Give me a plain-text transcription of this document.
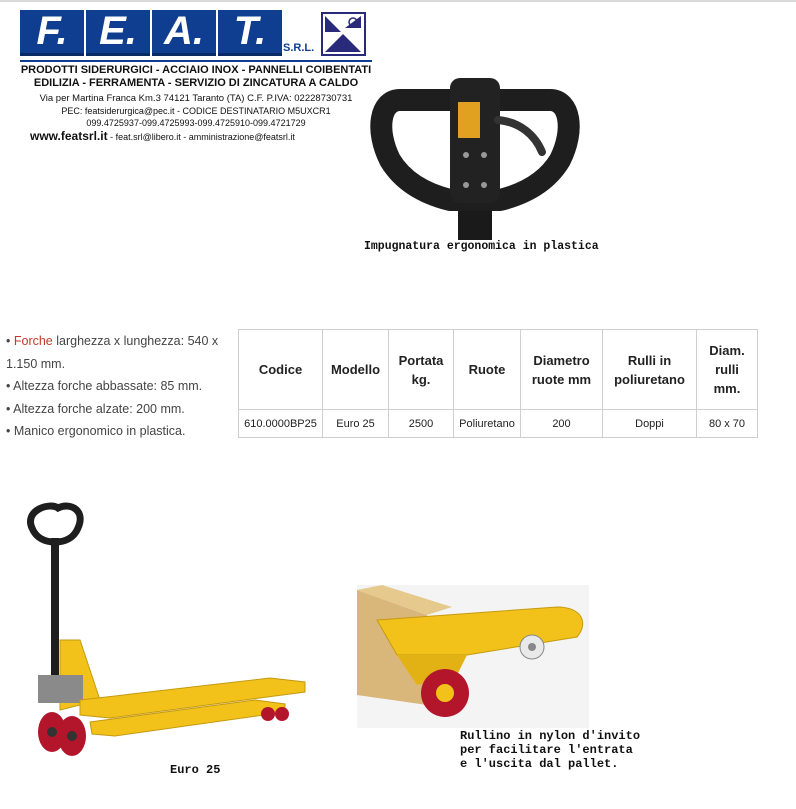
F. E. A. T.	S.R.L.
PRODOTTI SIDERURGICI - ACCIAIO INOX - PANNELLI COIBENTATI
EDILIZIA - FERRAMENTA - SERVIZIO DI ZINCATURA A CALDO
Via per Martina Franca Km.3 74121 Taranto (TA) C.F. P.IVA: 02228730731
PEC: featsiderurgica@pec.it - CODICE DESTINATARIO M5UXCR1
099.4725937-099.4725993-099.4725910-099.4721729
www.featsrl.it - feat.srl@libero.it - amministrazione@featsrl.it
Impugnatura ergonomica in plastica
• Forche larghezza x lunghezza: 540 x 1.150 mm.
• Altezza forche abbassate: 85 mm.
• Altezza forche alzate: 200 mm.
• Manico ergonomico in plastica.
Codice	Modello	Portata kg.	Ruote	Diametro ruote mm	Rulli in poliuretano	Diam. rulli mm.
610.0000BP25	Euro 25	2500	Poliuretano	200	Doppi	80 x 70
Euro 25
Rullino in nylon d'invito
per facilitare l'entrata
e l'uscita dal pallet.
